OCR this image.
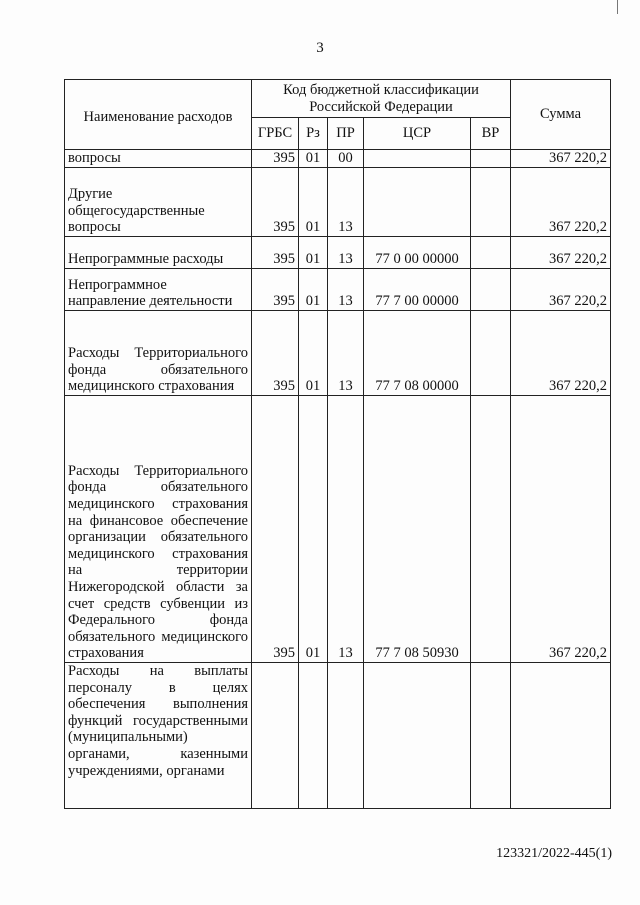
3
Наименование расходов	Код бюджетной классификации Российской Федерации					Сумма
	ГРБС	Рз	ПР	ЦСР	ВР	
вопросы	395	01	00			367 220,2
Другие
общегосударственные
вопросы	395	01	13			367 220,2
Непрограммные расходы	395	01	13	77 0 00 00000		367 220,2
Непрограммное направление деятельности	395	01	13	77 7 00 00000		367 220,2
Расходы Территориального фонда обязательного медицинского страхования	395	01	13	77 7 08 00000		367 220,2
Расходы Территориального фонда обязательного медицинского страхования на финансовое обеспечение организации обязательного медицинского страхования на территории Нижегородской области за счет средств субвенции из Федерального фонда обязательного медицинского страхования	395	01	13	77 7 08 50930		367 220,2
Расходы на выплаты персоналу в целях обеспечения выполнения функций государственными (муниципальными) органами, казенными учреждениями, органами						
123321/2022-445(1)
